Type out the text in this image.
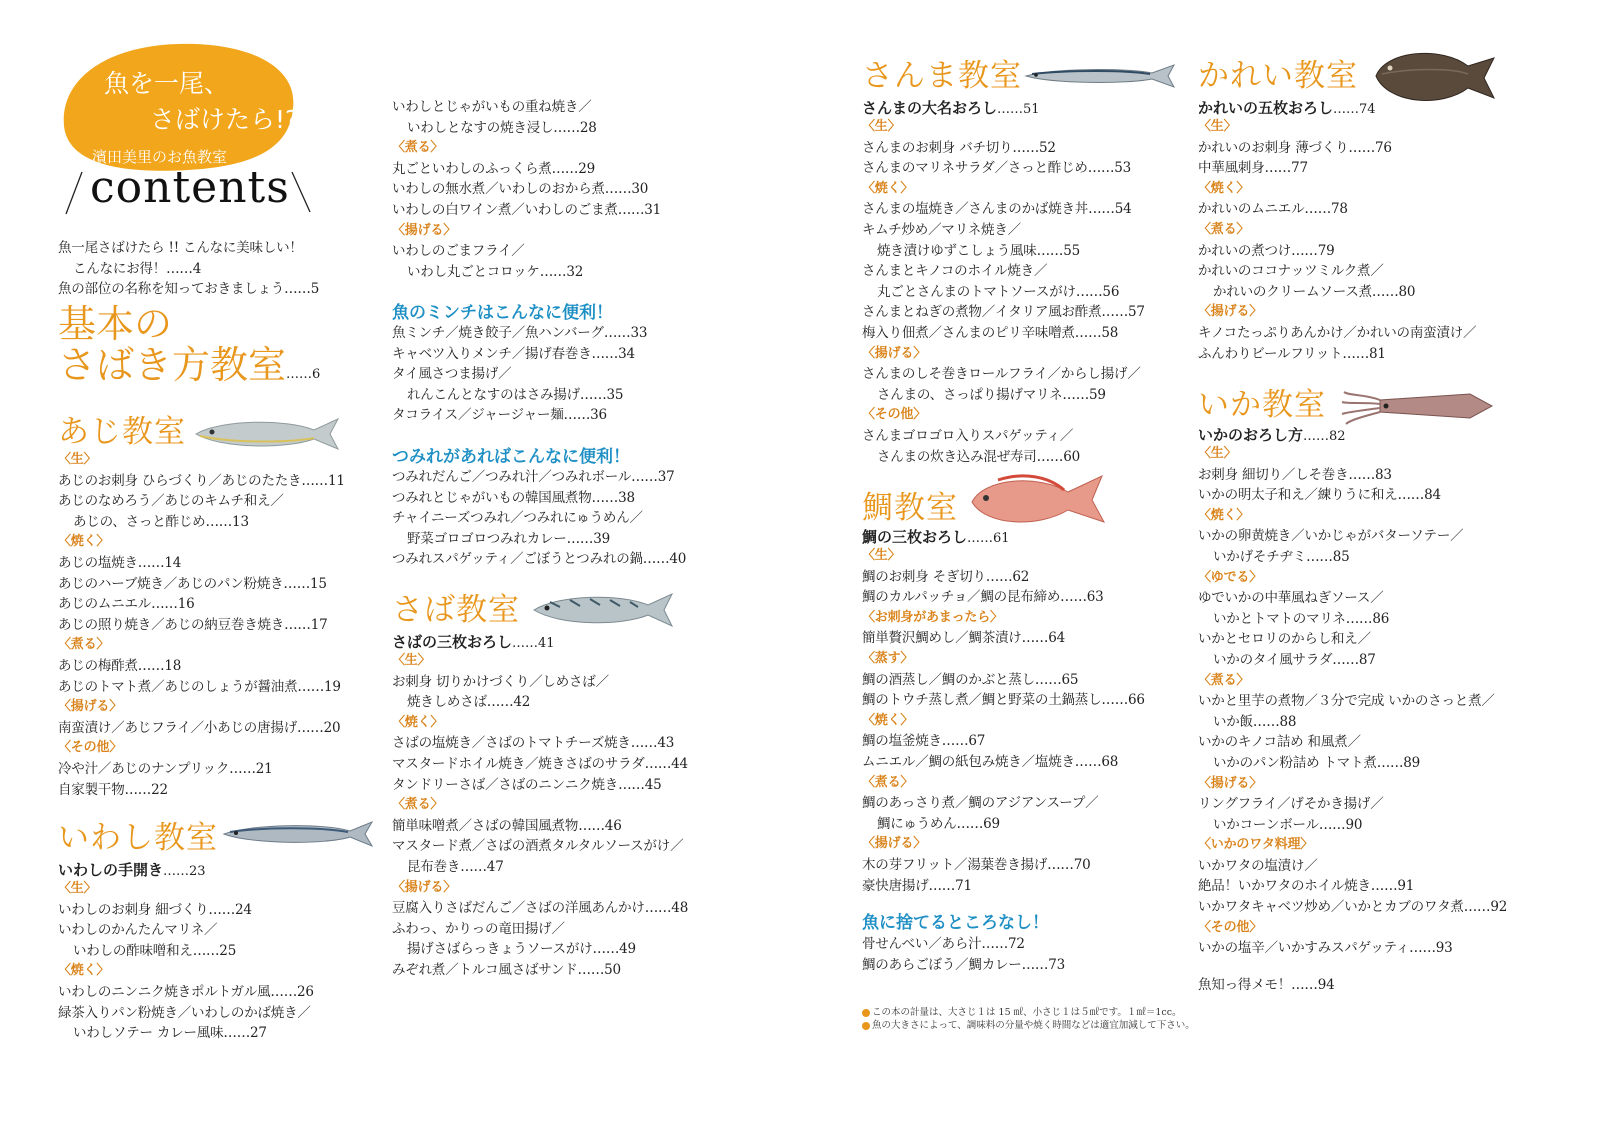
魚を一尾、
さばけたら!?
濱田美里のお魚教室
contents
魚一尾さばけたら !! こんなに美味しい！
こんなにお得！……4
魚の部位の名称を知っておきましょう……5
基本の
さばき方教室……6
あじ教室
〈生〉
あじのお刺身 ひらづくり／あじのたたき……11
あじのなめろう／あじのキムチ和え／
あじの、さっと酢じめ……13
〈焼く〉
あじの塩焼き……14
あじのハーブ焼き／あじのパン粉焼き……15
あじのムニエル……16
あじの照り焼き／あじの納豆巻き焼き……17
〈煮る〉
あじの梅酢煮……18
あじのトマト煮／あじのしょうが醤油煮……19
〈揚げる〉
南蛮漬け／あじフライ／小あじの唐揚げ……20
〈その他〉
冷や汁／あじのナンプリック……21
自家製干物……22
いわし教室
いわしの手開き……23
〈生〉
いわしのお刺身 細づくり……24
いわしのかんたんマリネ／
いわしの酢味噌和え……25
〈焼く〉
いわしのニンニク焼きポルトガル風……26
緑茶入りパン粉焼き／いわしのかば焼き／
いわしソテー カレー風味……27
いわしとじゃがいもの重ね焼き／
いわしとなすの焼き浸し……28
〈煮る〉
丸ごといわしのふっくら煮……29
いわしの無水煮／いわしのおから煮……30
いわしの白ワイン煮／いわしのごま煮……31
〈揚げる〉
いわしのごまフライ／
いわし丸ごとコロッケ……32
魚のミンチはこんなに便利！
魚ミンチ／焼き餃子／魚ハンバーグ……33
キャベツ入りメンチ／揚げ春巻き……34
タイ風さつま揚げ／
れんこんとなすのはさみ揚げ……35
タコライス／ジャージャー麺……36
つみれがあればこんなに便利！
つみれだんご／つみれ汁／つみれボール……37
つみれとじゃがいもの韓国風煮物……38
チャイニーズつみれ／つみれにゅうめん／
野菜ゴロゴロつみれカレー……39
つみれスパゲッティ／ごぼうとつみれの鍋……40
さば教室
さばの三枚おろし……41
〈生〉
お刺身 切りかけづくり／しめさば／
焼きしめさば……42
〈焼く〉
さばの塩焼き／さばのトマトチーズ焼き……43
マスタードホイル焼き／焼きさばのサラダ……44
タンドリーさば／さばのニンニク焼き……45
〈煮る〉
簡単味噌煮／さばの韓国風煮物……46
マスタード煮／さばの酒煮タルタルソースがけ／
昆布巻き……47
〈揚げる〉
豆腐入りさばだんご／さばの洋風あんかけ……48
ふわっ、かりっの竜田揚げ／
揚げさばらっきょうソースがけ……49
みぞれ煮／トルコ風さばサンド……50
さんま教室
さんまの大名おろし……51
〈生〉
さんまのお刺身 バチ切り……52
さんまのマリネサラダ／さっと酢じめ……53
〈焼く〉
さんまの塩焼き／さんまのかば焼き丼……54
キムチ炒め／マリネ焼き／
焼き漬けゆずこしょう風味……55
さんまとキノコのホイル焼き／
丸ごとさんまのトマトソースがけ……56
さんまとねぎの煮物／イタリア風お酢煮……57
梅入り佃煮／さんまのピリ辛味噌煮……58
〈揚げる〉
さんまのしそ巻きロールフライ／からし揚げ／
さんまの、さっぱり揚げマリネ……59
〈その他〉
さんまゴロゴロ入りスパゲッティ／
さんまの炊き込み混ぜ寿司……60
鯛教室
鯛の三枚おろし……61
〈生〉
鯛のお刺身 そぎ切り……62
鯛のカルパッチョ／鯛の昆布締め……63
〈お刺身があまったら〉
簡単贅沢鯛めし／鯛茶漬け……64
〈蒸す〉
鯛の酒蒸し／鯛のかぶと蒸し……65
鯛のトウチ蒸し煮／鯛と野菜の土鍋蒸し……66
〈焼く〉
鯛の塩釜焼き……67
ムニエル／鯛の紙包み焼き／塩焼き……68
〈煮る〉
鯛のあっさり煮／鯛のアジアンスープ／
鯛にゅうめん……69
〈揚げる〉
木の芽フリット／湯葉巻き揚げ……70
豪快唐揚げ……71
魚に捨てるところなし！
骨せんべい／あら汁……72
鯛のあらごぼう／鯛カレー……73
この本の計量は、大さじ１は 15 ㎖、小さじ１は５㎖です。１㎖＝1cc。
魚の大きさによって、調味料の分量や焼く時間などは適宜加減して下さい。
かれい教室
かれいの五枚おろし……74
〈生〉
かれいのお刺身 薄づくり……76
中華風刺身……77
〈焼く〉
かれいのムニエル……78
〈煮る〉
かれいの煮つけ……79
かれいのココナッツミルク煮／
かれいのクリームソース煮……80
〈揚げる〉
キノコたっぷりあんかけ／かれいの南蛮漬け／
ふんわりビールフリット……81
いか教室
いかのおろし方……82
〈生〉
お刺身 細切り／しそ巻き……83
いかの明太子和え／練りうに和え……84
〈焼く〉
いかの卵黄焼き／いかじゃがバターソテー／
いかげそチヂミ……85
〈ゆでる〉
ゆでいかの中華風ねぎソース／
いかとトマトのマリネ……86
いかとセロリのからし和え／
いかのタイ風サラダ……87
〈煮る〉
いかと里芋の煮物／３分で完成 いかのさっと煮／
いか飯……88
いかのキノコ詰め 和風煮／
いかのパン粉詰め トマト煮……89
〈揚げる〉
リングフライ／げそかき揚げ／
いかコーンボール……90
〈いかのワタ料理〉
いかワタの塩漬け／
絶品！いかワタのホイル焼き……91
いかワタキャベツ炒め／いかとカブのワタ煮……92
〈その他〉
いかの塩辛／いかすみスパゲッティ……93
魚知っ得メモ！……94
